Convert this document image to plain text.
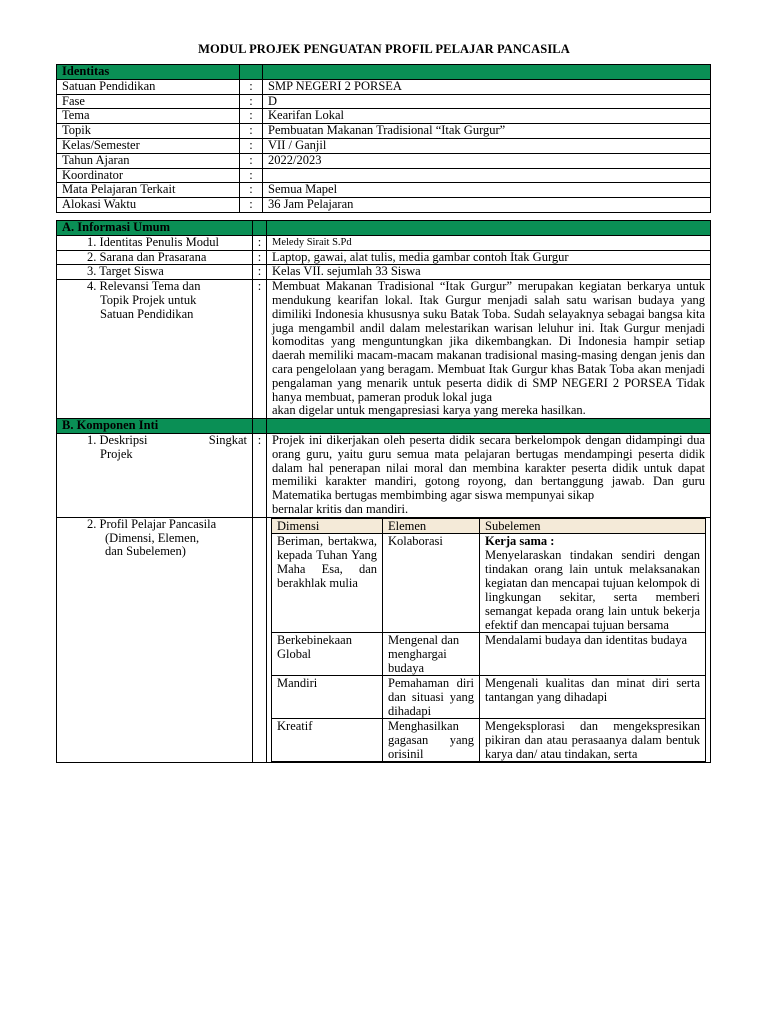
MODUL PROJEK PENGUATAN PROFIL PELAJAR PANCASILA
Identitas		
Satuan Pendidikan	:	SMP NEGERI 2 PORSEA
Fase	:	D
Tema	:	Kearifan Lokal
Topik	:	Pembuatan Makanan Tradisional “Itak Gurgur”
Kelas/Semester	:	VII / Ganjil
Tahun Ajaran	:	2022/2023
Koordinator	:	
Mata Pelajaran Terkait	:	Semua Mapel
Alokasi Waktu	:	36 Jam Pelajaran
A. Informasi Umum		
1. Identitas Penulis Modul	:	Meledy Sirait S.Pd
2. Sarana dan Prasarana	:	Laptop, gawai, alat tulis, media gambar contoh Itak Gurgur
3. Target Siswa	:	Kelas VII. sejumlah 33 Siswa

4. Relevansi Tema dan
Topik Projek untuk
Satuan Pendidikan
	:	Membuat Makanan Tradisional “Itak Gurgur” merupakan kegiatan berkarya untuk mendukung kearifan lokal. Itak Gurgur menjadi salah satu warisan budaya yang dimiliki Indonesia khususnya suku Batak Toba. Sudah selayaknya sebagai bangsa kita juga mengambil andil dalam melestarikan warisan leluhur ini. Itak Gurgur menjadi komoditas yang menguntungkan jika dikembangkan. Di Indonesia hampir setiap daerah memiliki macam-macam makanan tradisional masing-masing dengan jenis dan cara pengelolaan yang beragam. Membuat Itak Gurgur khas Batak Toba akan menjadi pengalaman yang menarik untuk peserta didik di SMP NEGERI 2 PORSEA Tidak hanya membuat, pameran produk lokal juga
akan digelar untuk mengapresiasi karya yang mereka hasilkan.

B. Komponen Inti		

1. Deskripsi	Singkat
Projek
	:	Projek ini dikerjakan oleh peserta didik secara berkelompok dengan didampingi dua orang guru, yaitu guru semua mata pelajaran bertugas mendampingi peserta didik dalam hal penerapan nilai moral dan membina karakter peserta didik untuk dapat memiliki karakter mandiri, gotong royong, dan bertanggung jawab. Dan guru Matematika bertugas membimbing agar siswa mempunyai sikap
bernalar kritis dan mandiri.

2. Profil Pelajar Pancasila
(Dimensi, Elemen,
dan Subelemen)

Dimensi	Elemen	Subelemen
Beriman, bertakwa, kepada Tuhan Yang Maha Esa, dan berakhlak mulia	Kolaborasi	Kerja sama :
Menyelaraskan tindakan sendiri dengan tindakan orang lain untuk melaksanakan kegiatan dan mencapai tujuan kelompok di lingkungan sekitar, serta memberi semangat kepada orang lain untuk bekerja efektif dan mencapai tujuan bersama

Berkebinekaan Global	Mengenal dan menghargai budaya	Mendalami budaya dan identitas budaya
Mandiri	Pemahaman diri dan situasi yang dihadapi	Mengenali kualitas dan minat diri serta tantangan yang dihadapi
Kreatif	Menghasilkan gagasan yang orisinil	Mengeksplorasi dan mengekspresikan pikiran dan atau perasaanya dalam bentuk karya dan/ atau tindakan, serta
